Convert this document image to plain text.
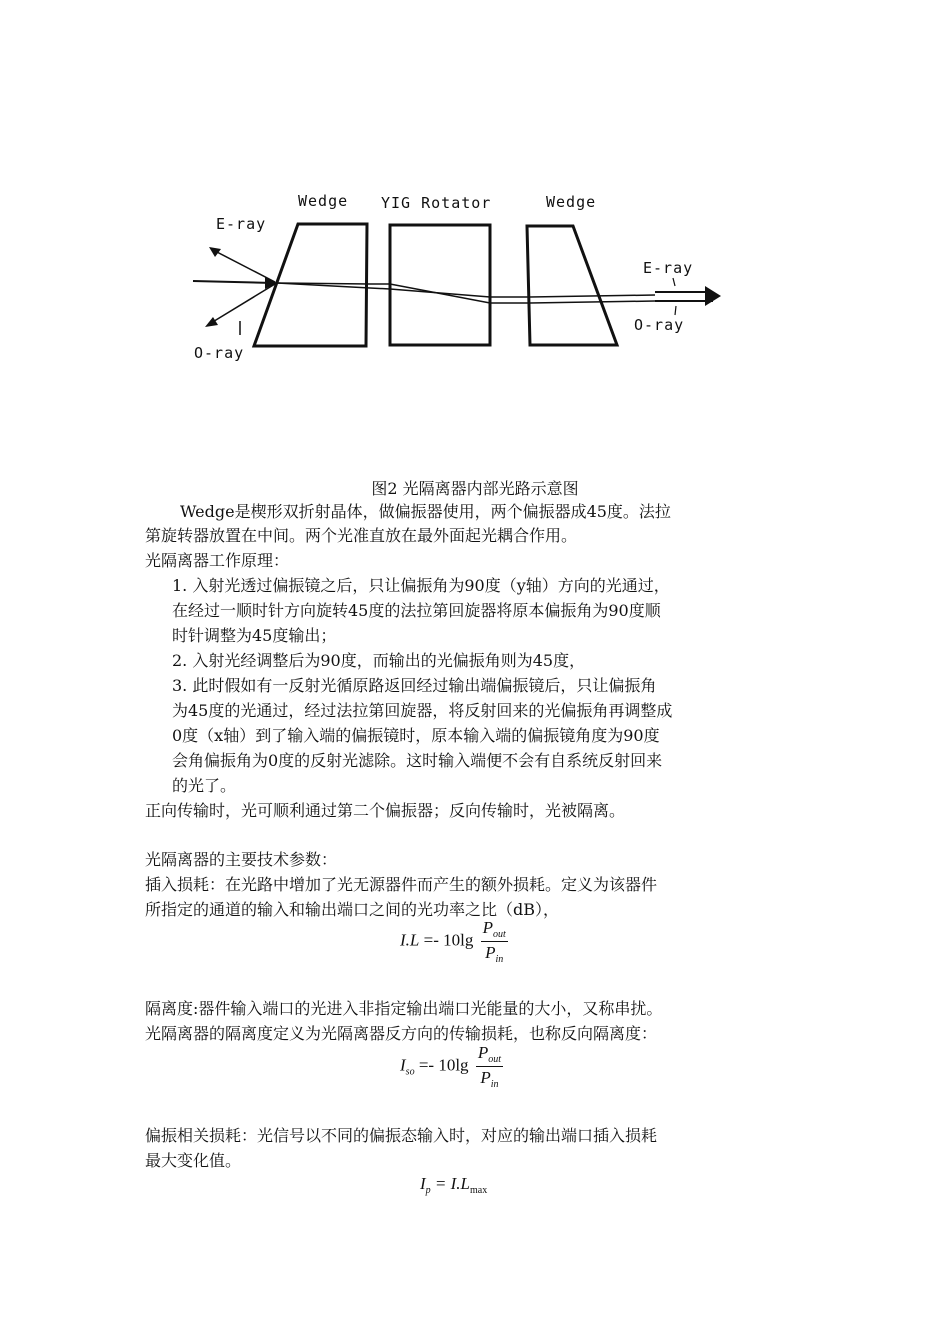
Wedge YIG Rotator	Wedge
E-ray
O-ray
E-ray
O-ray
图2 光隔离器内部光路示意图
Wedge是楔形双折射晶体，做偏振器使用，两个偏振器成45度。法拉
第旋转器放置在中间。两个光准直放在最外面起光耦合作用。
光隔离器工作原理：
1. 入射光透过偏振镜之后，只让偏振角为90度（y轴）方向的光通过，
在经过一顺时针方向旋转45度的法拉第回旋器将原本偏振角为90度顺
时针调整为45度输出；
2. 入射光经调整后为90度，而输出的光偏振角则为45度，
3. 此时假如有一反射光循原路返回经过输出端偏振镜后，只让偏振角
为45度的光通过，经过法拉第回旋器，将反射回来的光偏振角再调整成
0度（x轴）到了输入端的偏振镜时，原本输入端的偏振镜角度为90度
会角偏振角为0度的反射光滤除。这时输入端便不会有自系统反射回来
的光了。
正向传输时，光可顺利通过第二个偏振器；反向传输时，光被隔离。
光隔离器的主要技术参数：
插入损耗：在光路中增加了光无源器件而产生的额外损耗。定义为该器件
所指定的通道的输入和输出端口之间的光功率之比（dB），
$I.L =- 10\lg \frac{P_{out}}{P_{in}}$
隔离度:器件输入端口的光进入非指定输出端口光能量的大小，又称串扰。
光隔离器的隔离度定义为光隔离器反方向的传输损耗，也称反向隔离度：
$I_{so} =- 10\lg \frac{P_{out}}{P_{in}}$
偏振相关损耗：光信号以不同的偏振态输入时，对应的输出端口插入损耗
最大变化值。
$I_p = I.L_{max}$
